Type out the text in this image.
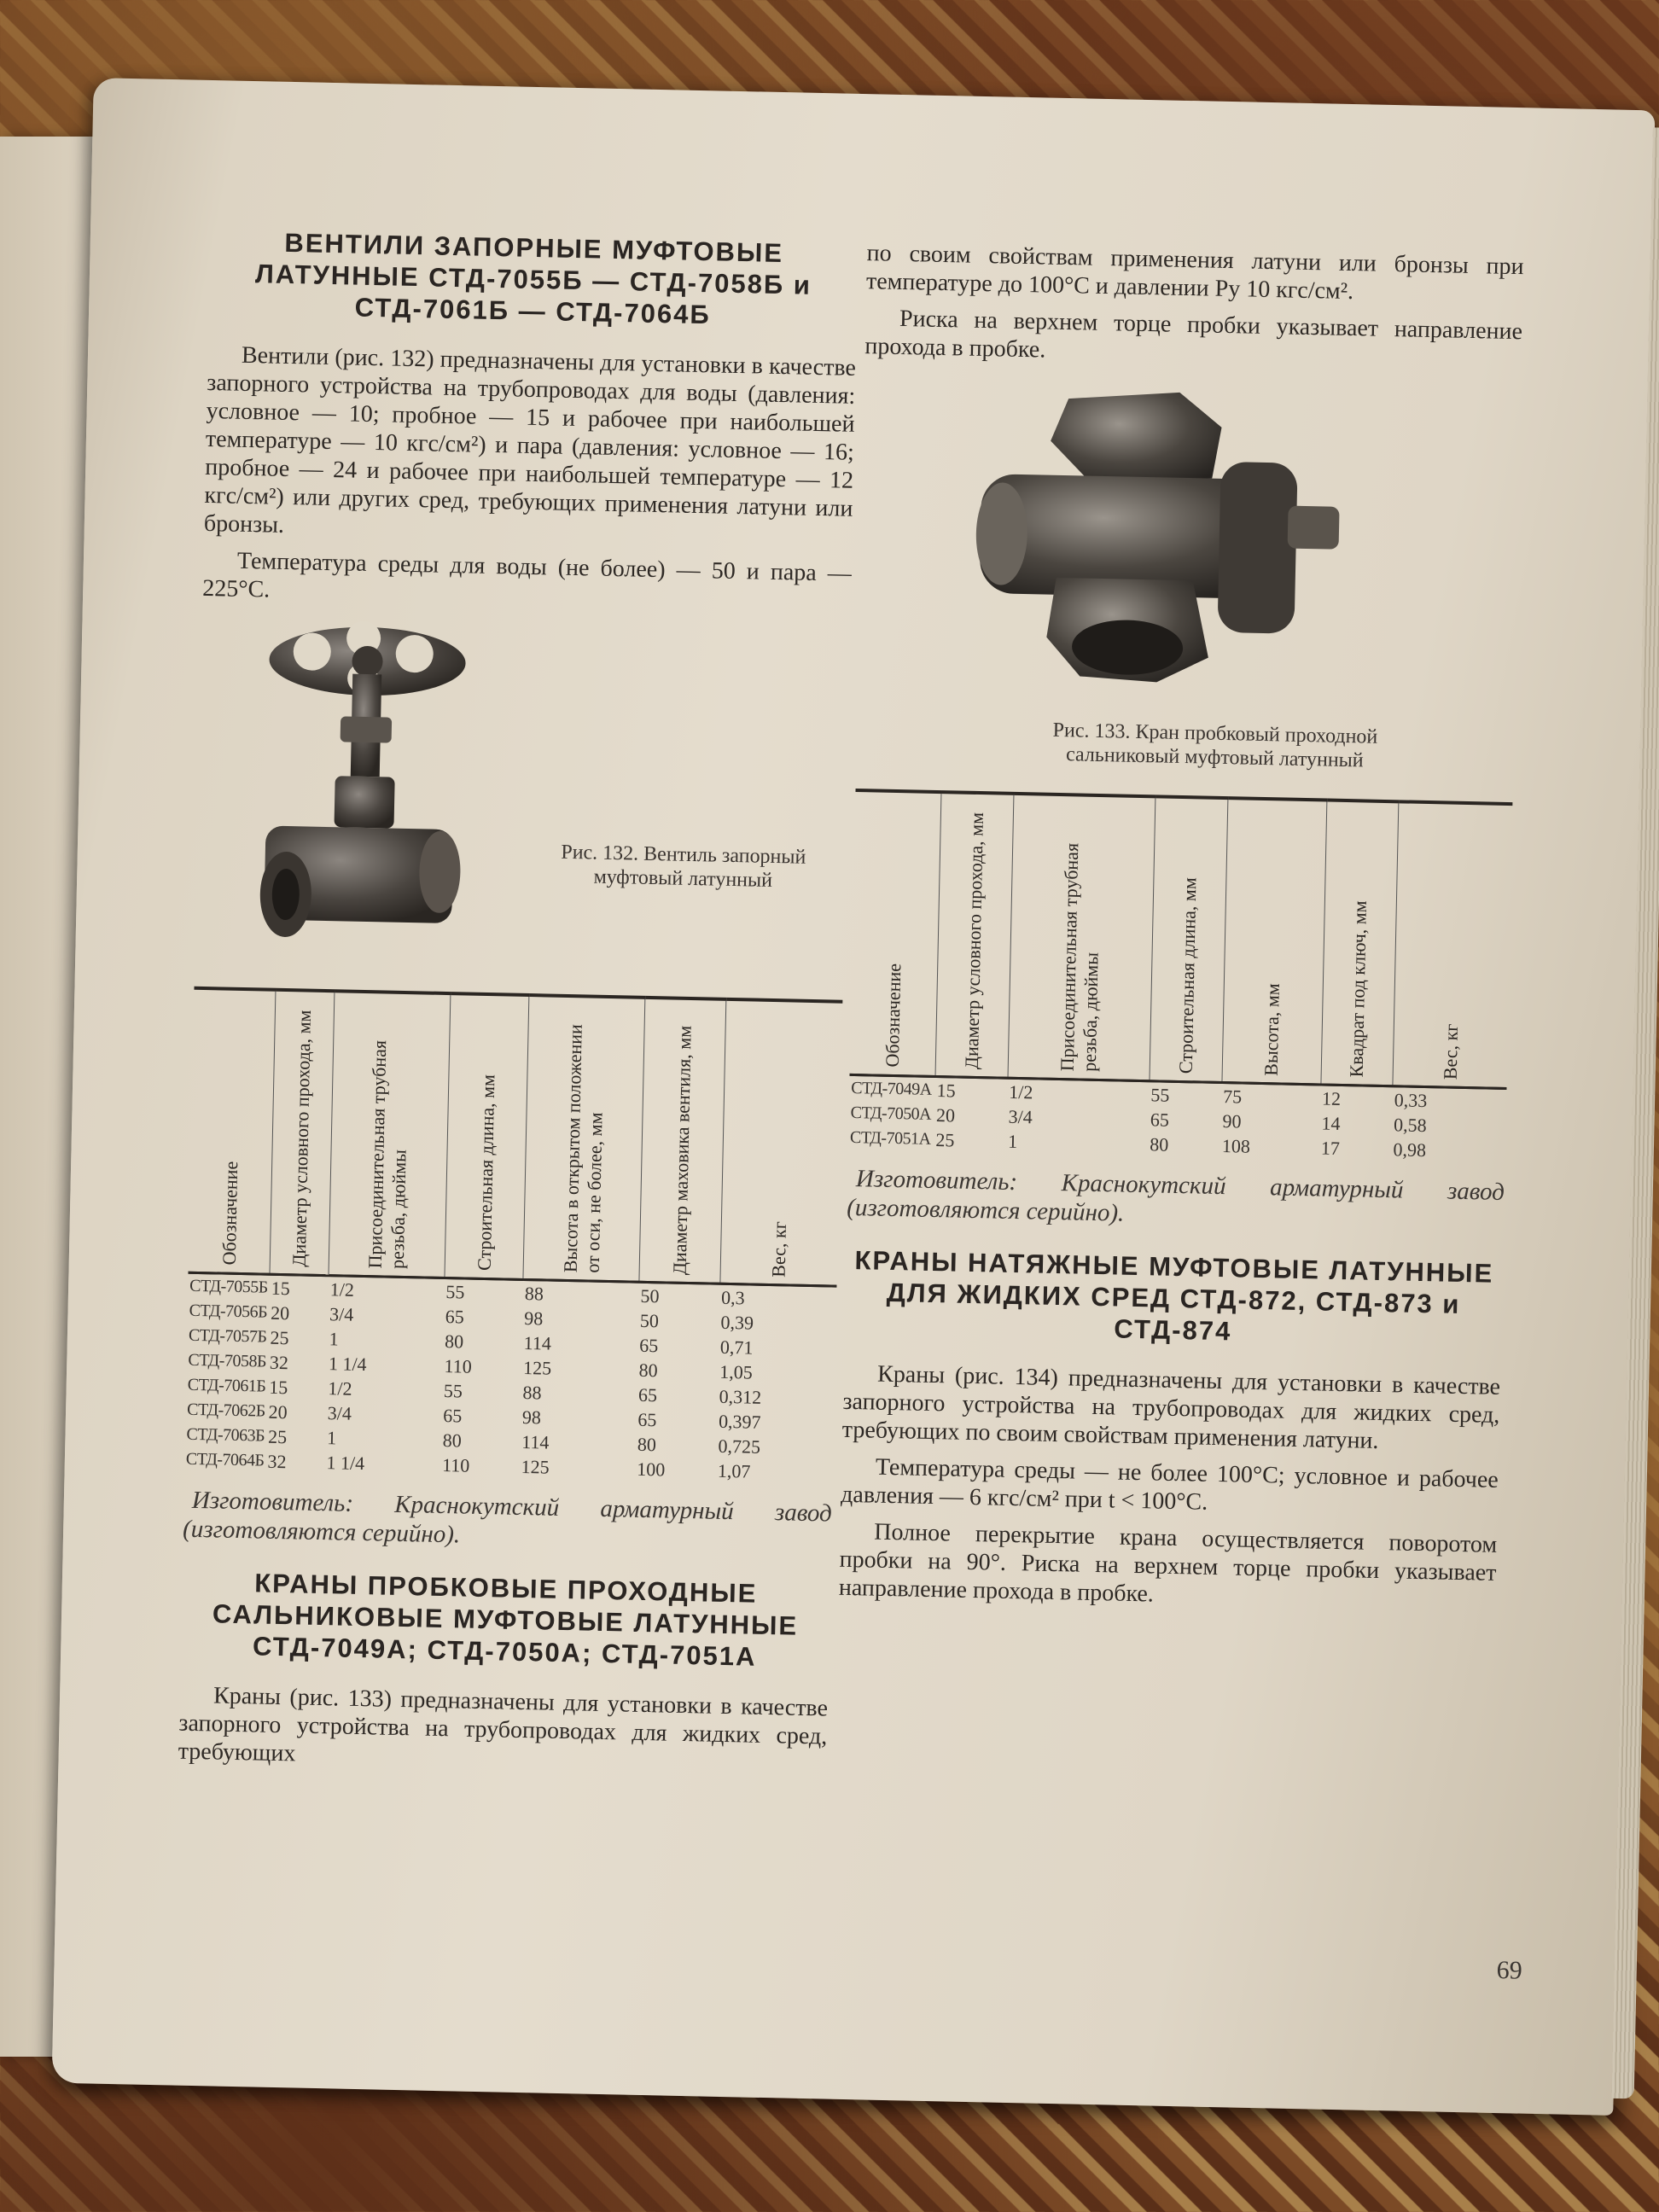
ВЕНТИЛИ ЗАПОРНЫЕ МУФТОВЫЕ ЛАТУННЫЕ СТД-7055Б — СТД-7058Б и СТД-7061Б — СТД-7064Б

Вентили (рис. 132) предназначены для установки в качестве запорного устройства на трубопроводах для воды (давления: условное — 10; пробное — 15 и рабочее при наибольшей температуре — 10 кгс/см²) и пара (давления: условное — 16; пробное — 24 и рабочее при наибольшей температуре — 12 кгс/см²) или других сред, требующих применения латуни или бронзы.

Температура среды для воды (не более) — 50 и пара — 225°C.

Рис. 132. Вентиль запорный муфтовый латунный
Обозначение	Диаметр условного прохода, мм	Присоединительная трубная резьба, дюймы	Строительная длина, мм	Высота в открытом положении от оси, не более, мм	Диаметр маховика вентиля, мм	Вес, кг

СТД-7055Б	15	1/2	55	88	50	0,3
СТД-7056Б	20	3/4	65	98	50	0,39
СТД-7057Б	25	1	80	114	65	0,71
СТД-7058Б	32	1 1/4	110	125	80	1,05
СТД-7061Б	15	1/2	55	88	65	0,312
СТД-7062Б	20	3/4	65	98	65	0,397
СТД-7063Б	25	1	80	114	80	0,725
СТД-7064Б	32	1 1/4	110	125	100	1,07

Изготовитель: Краснокутский арматурный завод (изготовляются серийно).

КРАНЫ ПРОБКОВЫЕ ПРОХОДНЫЕ САЛЬНИКОВЫЕ МУФТОВЫЕ ЛАТУННЫЕ СТД-7049А; СТД-7050А; СТД-7051А

Краны (рис. 133) предназначены для установки в качестве запорного устройства на трубопроводах для жидких сред, требующих

по своим свойствам применения латуни или бронзы при температуре до 100°C и давлении Py 10 кгс/см².

Риска на верхнем торце пробки указывает направление прохода в пробке.

Рис. 133. Кран пробковый проходной сальниковый муфтовый латунный
Обозначение	Диаметр условного прохода, мм	Присоединительная трубная резьба, дюймы	Строительная длина, мм	Высота, мм	Квадрат под ключ, мм	Вес, кг

СТД-7049А	15	1/2	55	75	12	0,33
СТД-7050А	20	3/4	65	90	14	0,58
СТД-7051А	25	1	80	108	17	0,98

Изготовитель: Краснокутский арматурный завод (изготовляются серийно).

КРАНЫ НАТЯЖНЫЕ МУФТОВЫЕ ЛАТУННЫЕ ДЛЯ ЖИДКИХ СРЕД СТД-872, СТД-873 и СТД-874

Краны (рис. 134) предназначены для установки в качестве запорного устройства на трубопроводах для жидких сред, требующих по своим свойствам применения латуни.

Температура среды — не более 100°C; условное и рабочее давления — 6 кгс/см² при t < 100°C.

Полное перекрытие крана осуществляется поворотом пробки на 90°. Риска на верхнем торце пробки указывает направление прохода в пробке.

69
